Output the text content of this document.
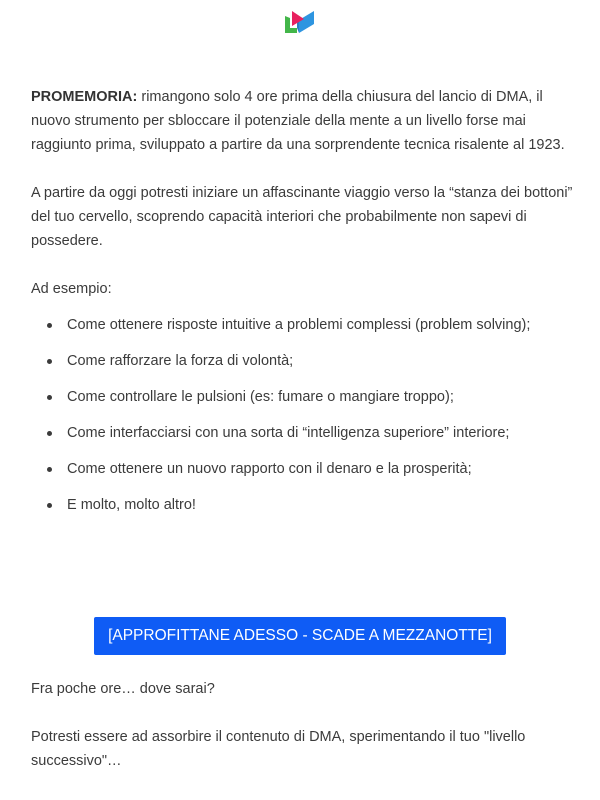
PROMEMORIA: rimangono solo 4 ore prima della chiusura del lancio di DMA, il nuovo strumento per sbloccare il potenziale della mente a un livello forse mai raggiunto prima, sviluppato a partire da una sorprendente tecnica risalente al 1923.

A partire da oggi potresti iniziare un affascinante viaggio verso la “stanza dei bottoni” del tuo cervello, scoprendo capacità interiori che probabilmente non sapevi di possedere.

Ad esempio:

Come ottenere risposte intuitive a problemi complessi (problem solving);
Come rafforzare la forza di volontà;
Come controllare le pulsioni (es: fumare o mangiare troppo);
Come interfacciarsi con una sorta di “intelligenza superiore” interiore;
Come ottenere un nuovo rapporto con il denaro e la prosperità;
E molto, molto altro!
[APPROFITTANE ADESSO - SCADE A MEZZANOTTE]

Fra poche ore… dove sarai?

Potresti essere ad assorbire il contenuto di DMA, sperimentando il tuo "livello successivo"…
